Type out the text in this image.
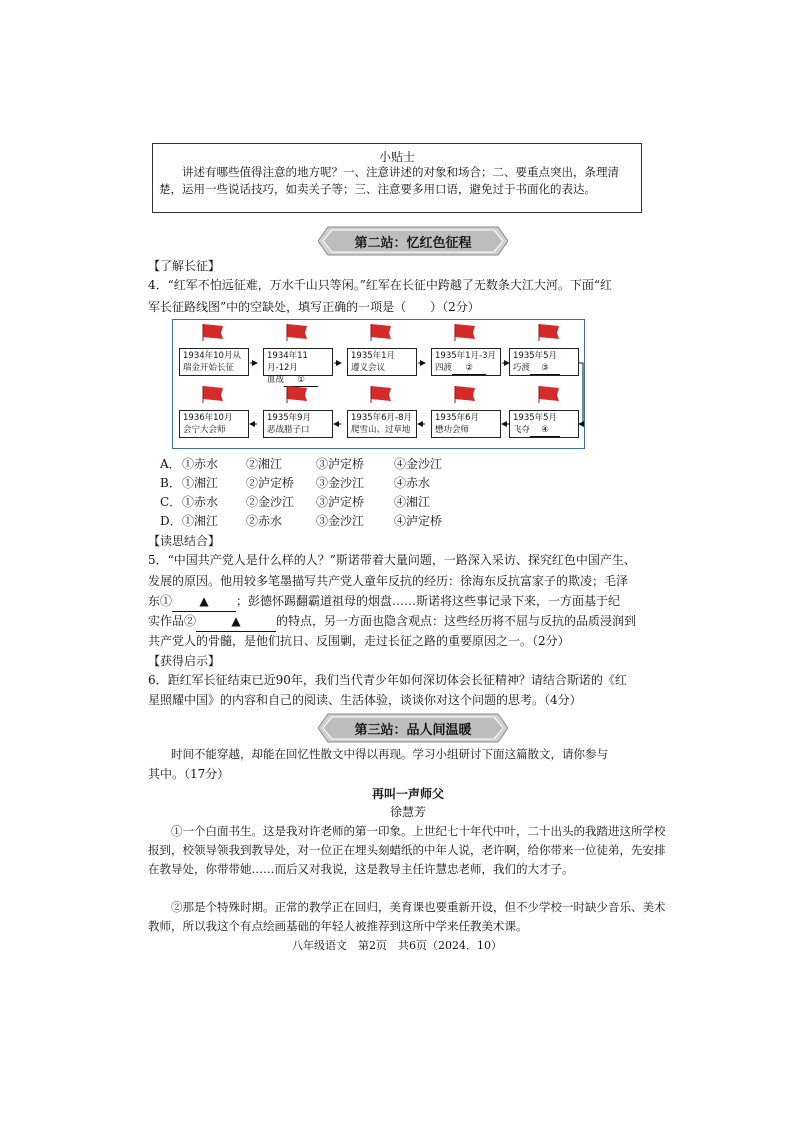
小贴士
讲述有哪些值得注意的地方呢？一、注意讲述的对象和场合；二、要重点突出，条理清楚，运用一些说话技巧，如卖关子等；三、注意要多用口语，避免过于书面化的表达。
第二站：忆红色征程
【了解长征】
4．“红军不怕远征难，万水千山只等闲。”红军在长征中跨越了无数条大江大河。下面“红
军长征路线图”中的空缺处，填写正确的一项是（　　）（2分）
1934年10月从
瑞金开始长征
1934年11月-12月
血战 ①
1935年1月
遵义会议
1935年1月-3月
四渡 ②
1935年5月
巧渡 ③
1936年10月
会宁大会师
1935年9月
恶战腊子口
1935年6月-8月
爬雪山、过草地
1935年6月
懋功会师
1935年5月
飞夺 ④
A． ①赤水 ②湘江	③泸定桥 ④金沙江
B． ①湘江 ②泸定桥 ③金沙江 ④赤水
C． ①赤水 ②金沙江 ③泸定桥 ④湘江
D． ①湘江 ②赤水	③金沙江 ④泸定桥
【读思结合】
5．“中国共产党人是什么样的人？”斯诺带着大量问题，一路深入采访、探究红色中国产生、
发展的原因。他用较多笔墨描写共产党人童年反抗的经历：徐海东反抗富家子的欺凌；毛泽
东① ▲ ；彭德怀踢翻霸道祖母的烟盘……斯诺将这些事记录下来，一方面基于纪
实作品②	▲	的特点，另一方面也隐含观点：这些经历将不屈与反抗的品质浸润到
共产党人的骨髓，是他们抗日、反围剿，走过长征之路的重要原因之一。（2分）
【获得启示】
6．距红军长征结束已近90年，我们当代青少年如何深切体会长征精神？请结合斯诺的《红
星照耀中国》的内容和自己的阅读、生活体验，谈谈你对这个问题的思考。（4分）
第三站：品人间温暖
时间不能穿越，却能在回忆性散文中得以再现。学习小组研讨下面这篇散文，请你参与
其中。（17分）
再叫一声师父
徐慧芳
①一个白面书生。这是我对许老师的第一印象。上世纪七十年代中叶，二十出头的我踏进这所学校报到，校领导领我到教导处，对一位正在埋头刻蜡纸的中年人说，老许啊，给你带来一位徒弟，先安排在教导处，你带带她……而后又对我说，这是教导主任许慧忠老师，我们的大才子。
②那是个特殊时期。正常的教学正在回归，美育课也要重新开设，但不少学校一时缺少音乐、美术教师，所以我这个有点绘画基础的年轻人被推荐到这所中学来任教美术课。
八年级语文　第2页　共6页（2024．10）
